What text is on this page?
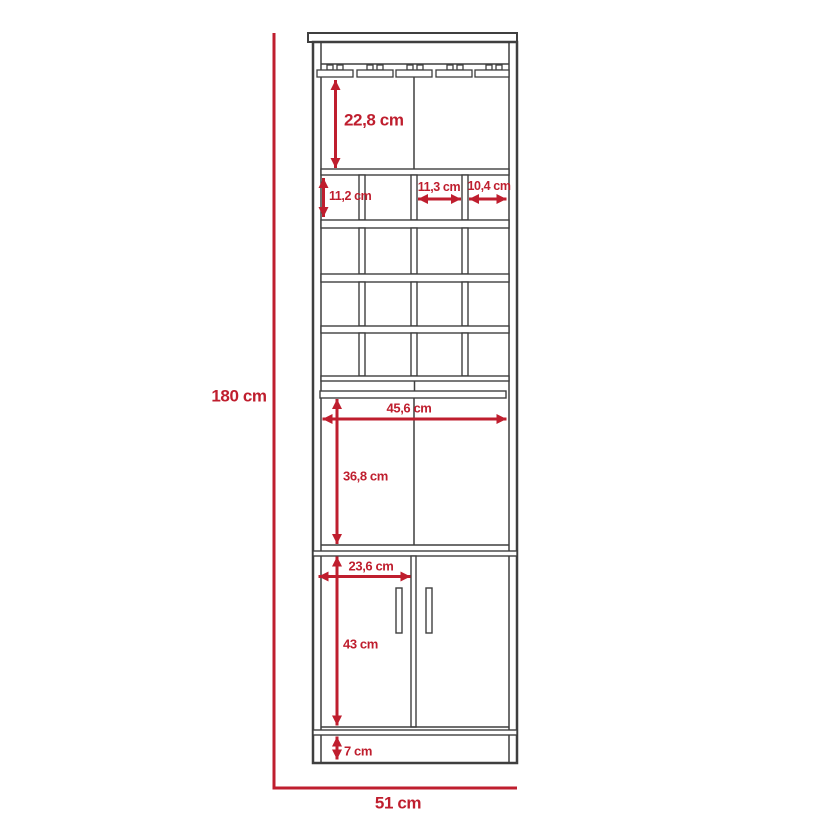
180 cm
51 cm
22,8 cm
11,2 cm
11,3 cm 10,4 cm
45,6 cm
36,8 cm
23,6 cm
43 cm
7 cm
